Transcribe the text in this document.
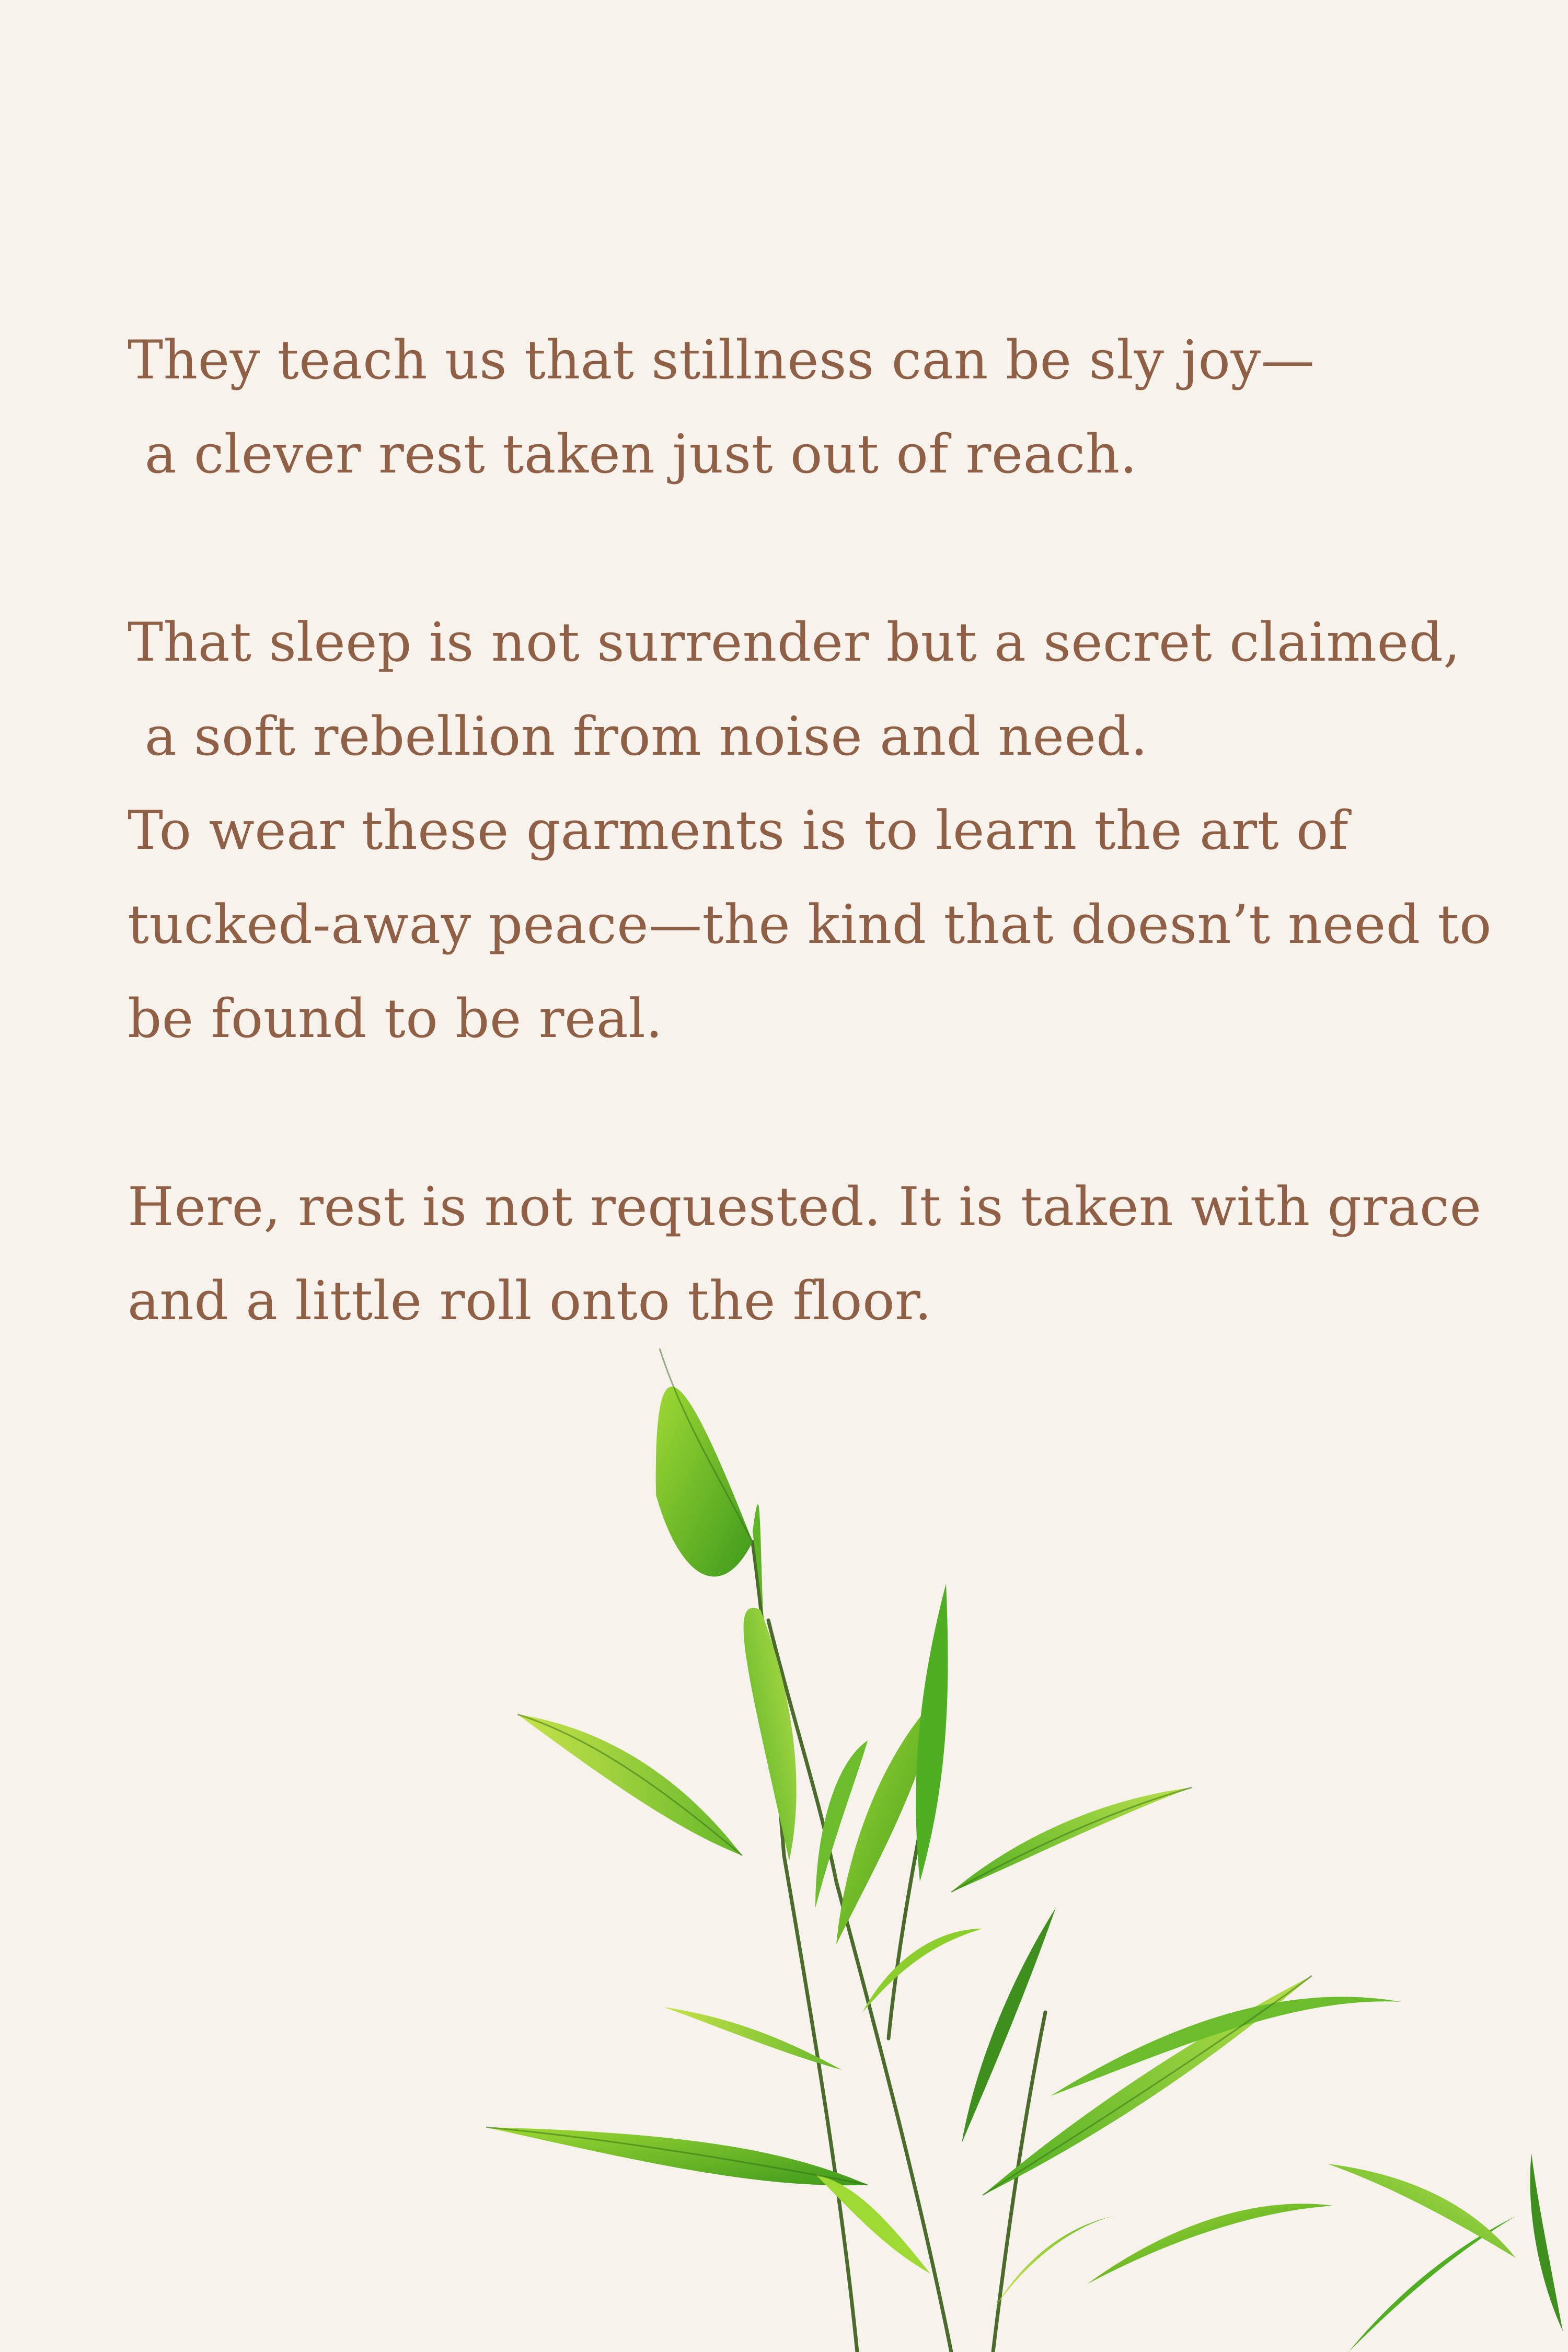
They teach us that stillness can be sly joy—
a clever rest taken just out of reach.
That sleep is not surrender but a secret claimed,
a soft rebellion from noise and need.
To wear these garments is to learn the art of
tucked-away peace—the kind that doesn’t need to
be found to be real.
Here, rest is not requested. It is taken with grace
and a little roll onto the floor.
